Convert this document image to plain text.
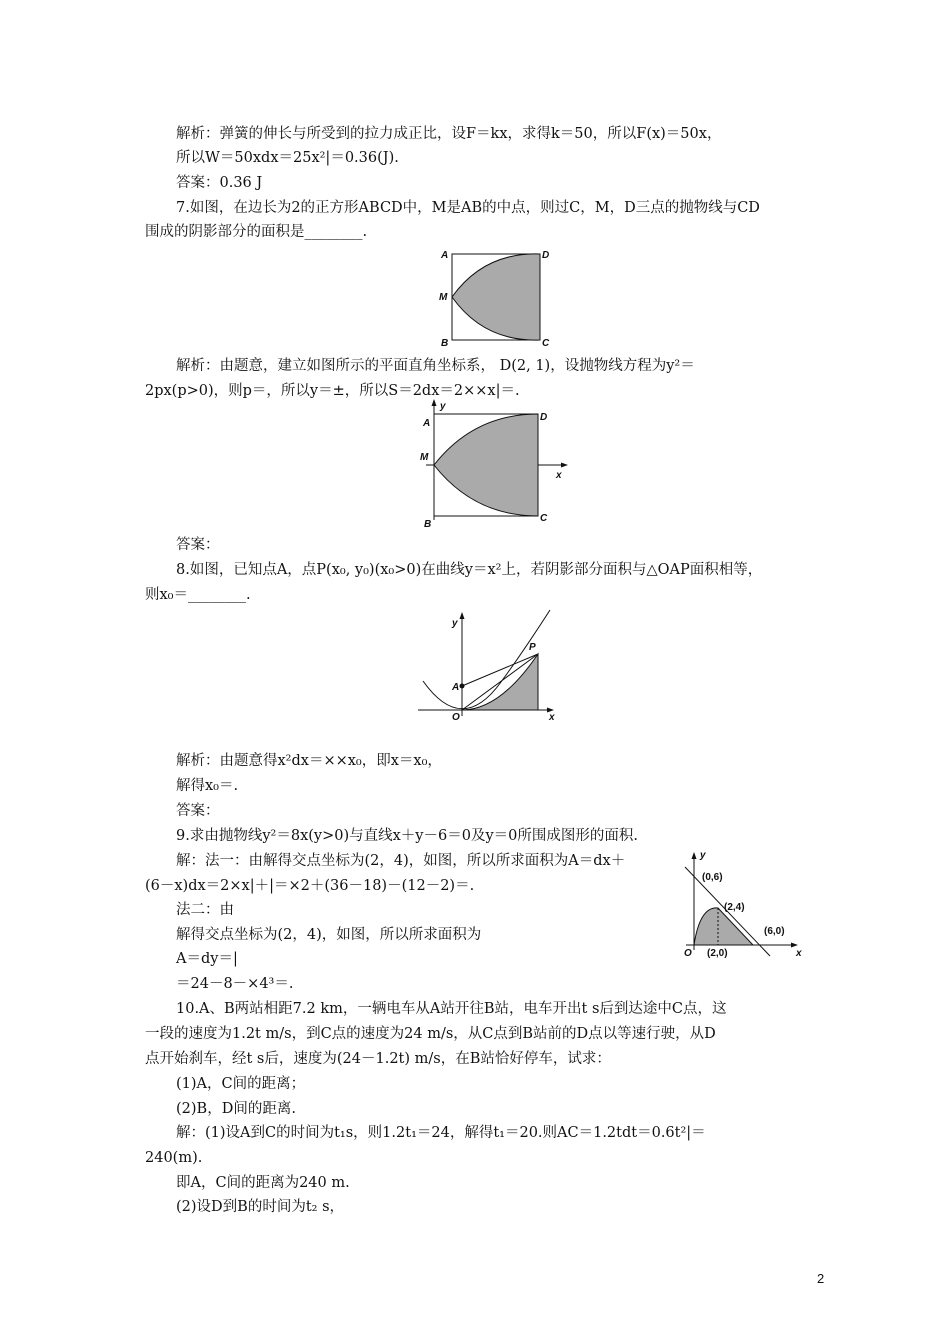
解析：弹簧的伸长与所受到的拉力成正比，设F＝kx，求得k＝50，所以F(x)＝50x，
所以W＝50xdx＝25x²|＝0.36(J).
答案：0.36 J
7.如图，在边长为2的正方形ABCD中，M是AB的中点，则过C，M，D三点的抛物线与CD
围成的阴影部分的面积是________.
A	D
M
B	C
解析：由题意，建立如图所示的平面直角坐标系， D(2, 1)，设抛物线方程为y²＝
2px(p>0)，则p＝，所以y＝±，所以S＝2dx＝2××x|＝.
y
A
D
M
x
B
C
答案：
8.如图，已知点A，点P(x₀, y₀)(x₀>0)在曲线y＝x²上，若阴影部分面积与△OAP面积相等，
则x₀＝________.
y
P
A
O	x
解析：由题意得x²dx＝××x₀，即x＝x₀，
解得x₀＝.
答案：
9.求由抛物线y²＝8x(y>0)与直线x＋y－6＝0及y＝0所围成图形的面积.
解：法一：由解得交点坐标为(2，4)，如图，所以所求面积为A＝dx＋
(6－x)dx＝2×x|＋|＝×2＋(36－18)－(12－2)＝.
法二：由
解得交点坐标为(2，4)，如图，所以所求面积为
A＝dy＝|
＝24－8－×4³＝.
y
(0,6)
(2,4)
(6,0)
O (2,0)	x
10.A、B两站相距7.2 km，一辆电车从A站开往B站，电车开出t s后到达途中C点，这
一段的速度为1.2t m/s，到C点的速度为24 m/s，从C点到B站前的D点以等速行驶，从D
点开始刹车，经t s后，速度为(24－1.2t) m/s，在B站恰好停车，试求：
(1)A，C间的距离；
(2)B，D间的距离.
解：(1)设A到C的时间为t₁s，则1.2t₁＝24，解得t₁＝20.则AC＝1.2tdt＝0.6t²|＝
240(m).
即A，C间的距离为240 m.
(2)设D到B的时间为t₂ s，
2
